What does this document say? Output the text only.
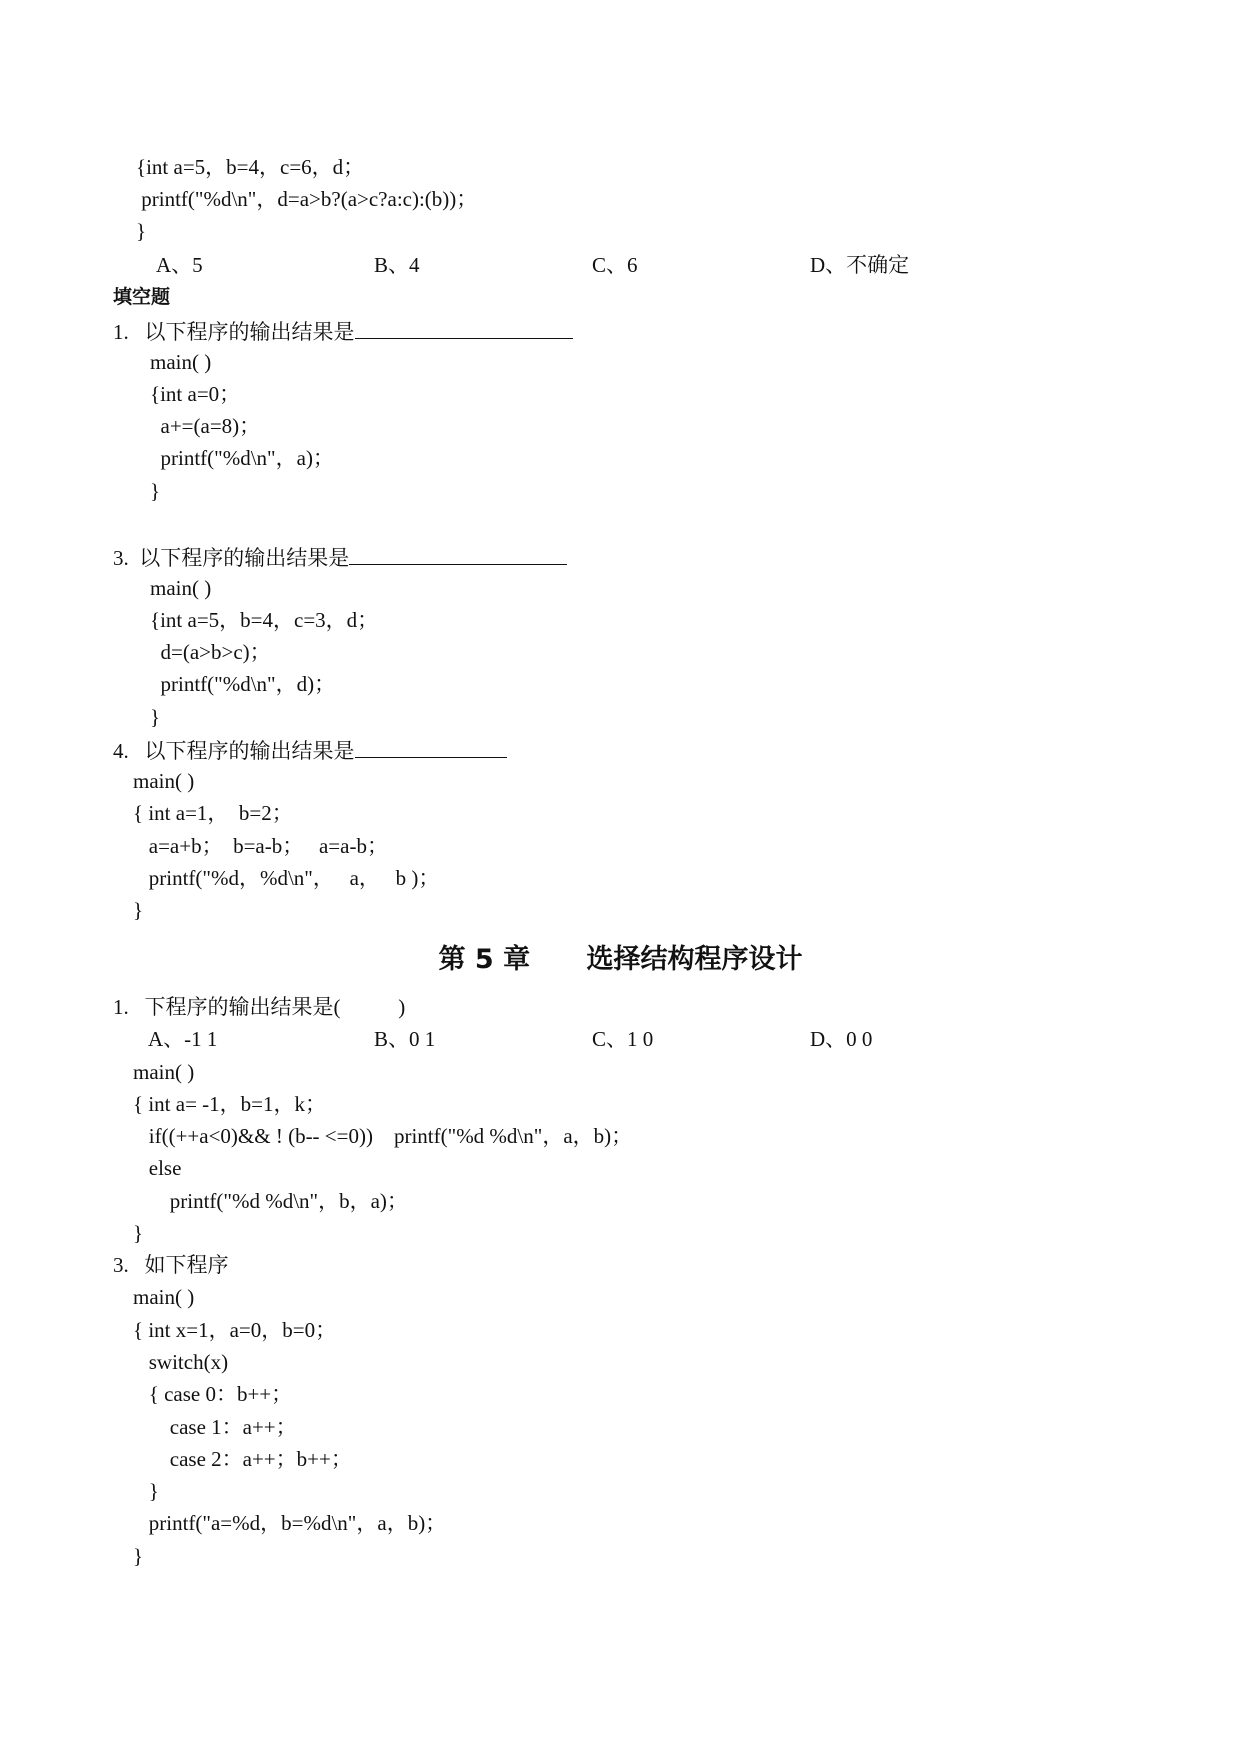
{int a=5，b=4，c=6，d；
printf("%d\n"，d=a>b?(a>c?a:c):(b))；
}
A、5	B、4	C、6	D、不确定
填空题
1. 以下程序的输出结果是
main( )
{int a=0；
a+=(a=8)；
printf("%d\n"，a)；
}
3. 以下程序的输出结果是
main( )
{int a=5，b=4，c=3，d；
d=(a>b>c)；
printf("%d\n"，d)；
}
4. 以下程序的输出结果是
main( )
{ int a=1，  b=2；
a=a+b；  b=a-b；   a=a-b；
printf("%d，%d\n"，   a，   b )；
}
第 5 章      选择结构程序设计
1. 下程序的输出结果是(           )
A、-1 1	B、0 1	C、1 0	D、0 0
main( )
{ int a= -1，b=1，k；
if((++a<0)&& ! (b-- <=0))    printf("%d %d\n"，a，b)；
else
printf("%d %d\n"，b，a)；
}
3. 如下程序
main( )
{ int x=1，a=0，b=0；
switch(x)
{ case 0：b++；
case 1：a++；
case 2：a++；b++；
}
printf("a=%d，b=%d\n"，a，b)；
}
